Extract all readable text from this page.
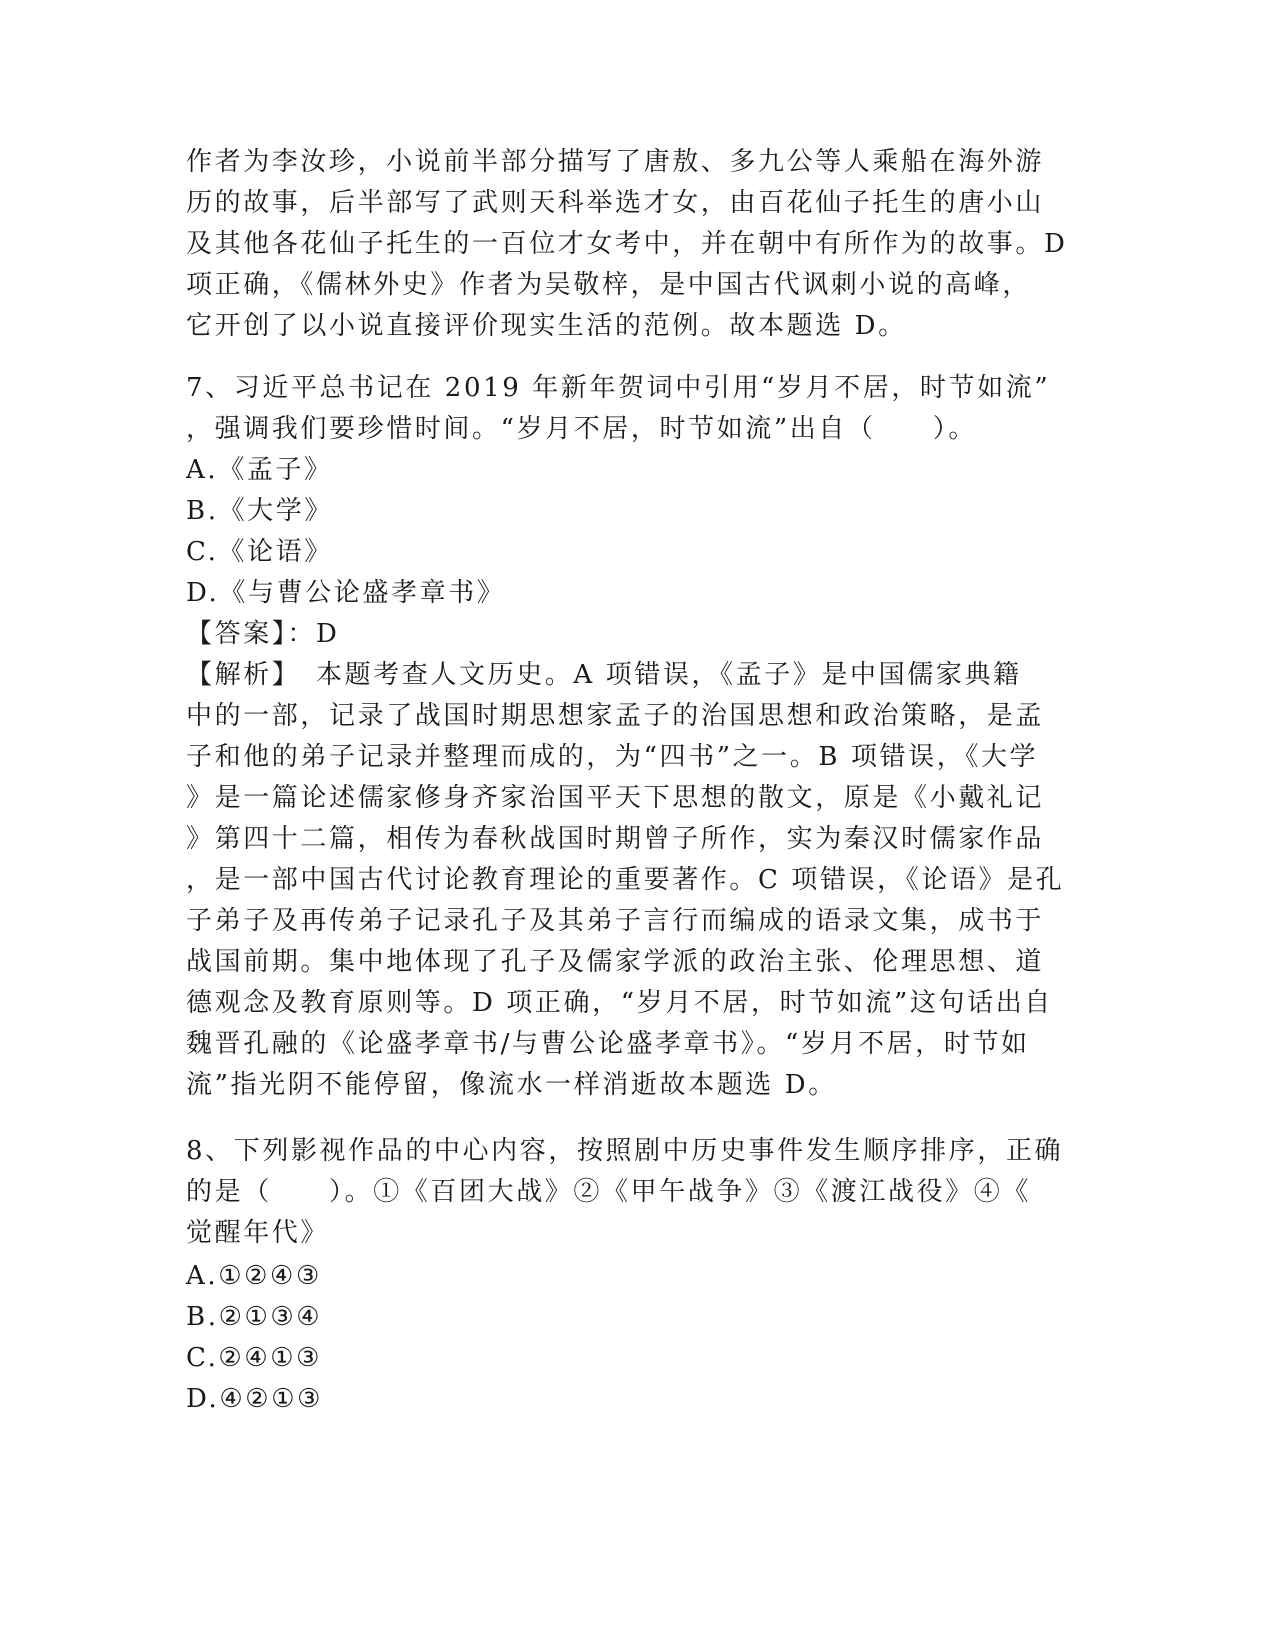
作者为李汝珍，小说前半部分描写了唐敖、多九公等人乘船在海外游
历的故事，后半部写了武则天科举选才女，由百花仙子托生的唐小山
及其他各花仙子托生的一百位才女考中，并在朝中有所作为的故事。D
项正确，《儒林外史》作者为吴敬梓，是中国古代讽刺小说的高峰，
它开创了以小说直接评价现实生活的范例。故本题选 D。
7、习近平总书记在 2019 年新年贺词中引用“岁月不居，时节如流”
，强调我们要珍惜时间。“岁月不居，时节如流”出自（　　）。
A.《孟子》
B.《大学》
C.《论语》
D.《与曹公论盛孝章书》
【答案】：D
【解析】　本题考查人文历史。A 项错误，《孟子》是中国儒家典籍
中的一部，记录了战国时期思想家孟子的治国思想和政治策略，是孟
子和他的弟子记录并整理而成的，为“四书”之一。B 项错误，《大学
》是一篇论述儒家修身齐家治国平天下思想的散文，原是《小戴礼记
》第四十二篇，相传为春秋战国时期曾子所作，实为秦汉时儒家作品
，是一部中国古代讨论教育理论的重要著作。C 项错误，《论语》是孔
子弟子及再传弟子记录孔子及其弟子言行而编成的语录文集，成书于
战国前期。集中地体现了孔子及儒家学派的政治主张、伦理思想、道
德观念及教育原则等。D 项正确，“岁月不居，时节如流”这句话出自
魏晋孔融的《论盛孝章书/与曹公论盛孝章书》。“岁月不居，时节如
流”指光阴不能停留，像流水一样消逝故本题选 D。
8、下列影视作品的中心内容，按照剧中历史事件发生顺序排序，正确
的是（　　）。①《百团大战》②《甲午战争》③《渡江战役》④《
觉醒年代》
A.①②④③
B.②①③④
C.②④①③
D.④②①③
